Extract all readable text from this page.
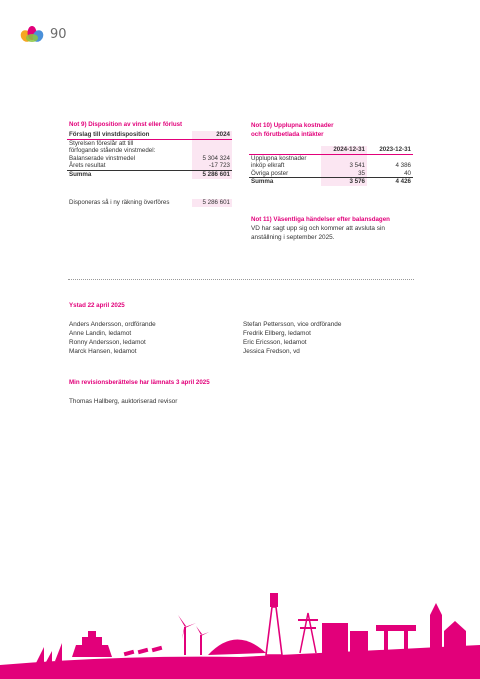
90
Not 9) Disposition av vinst eller förlust
Förslag till vinstdisposition	2024
Styrelsen föreslår att till	
förfogande stående vinstmedel:	
Balanserade vinstmedel	5 304 324
Årets resultat	-17 723
Summa	5 286 601
Disponeras så i ny räkning överföres	5 286 601
Not 10) Upplupna kostnader
och förutbetlada intäkter
	2024-12-31	2023-12-31
Upplupna kostnader		
inköp elkraft	3 541	4 386
Övriga poster	35	40
Summa	3 576	4 426
Not 11) Väsentliga händelser efter balansdagen
VD har sagt upp sig och kommer att avsluta sin
anställning i september 2025.
Ystad 22 april 2025
Anders Andersson, ordförande
Anne Landin, ledamot
Ronny Andersson, ledamot
Marck Hansen, ledamot
Stefan Pettersson, vice ordförande
Fredrik Ellberg, ledamot
Eric Ericsson, ledamot
Jessica Fredson, vd
Min revisionsberättelse har lämnats 3 april 2025
Thomas Hallberg, auktoriserad revisor
